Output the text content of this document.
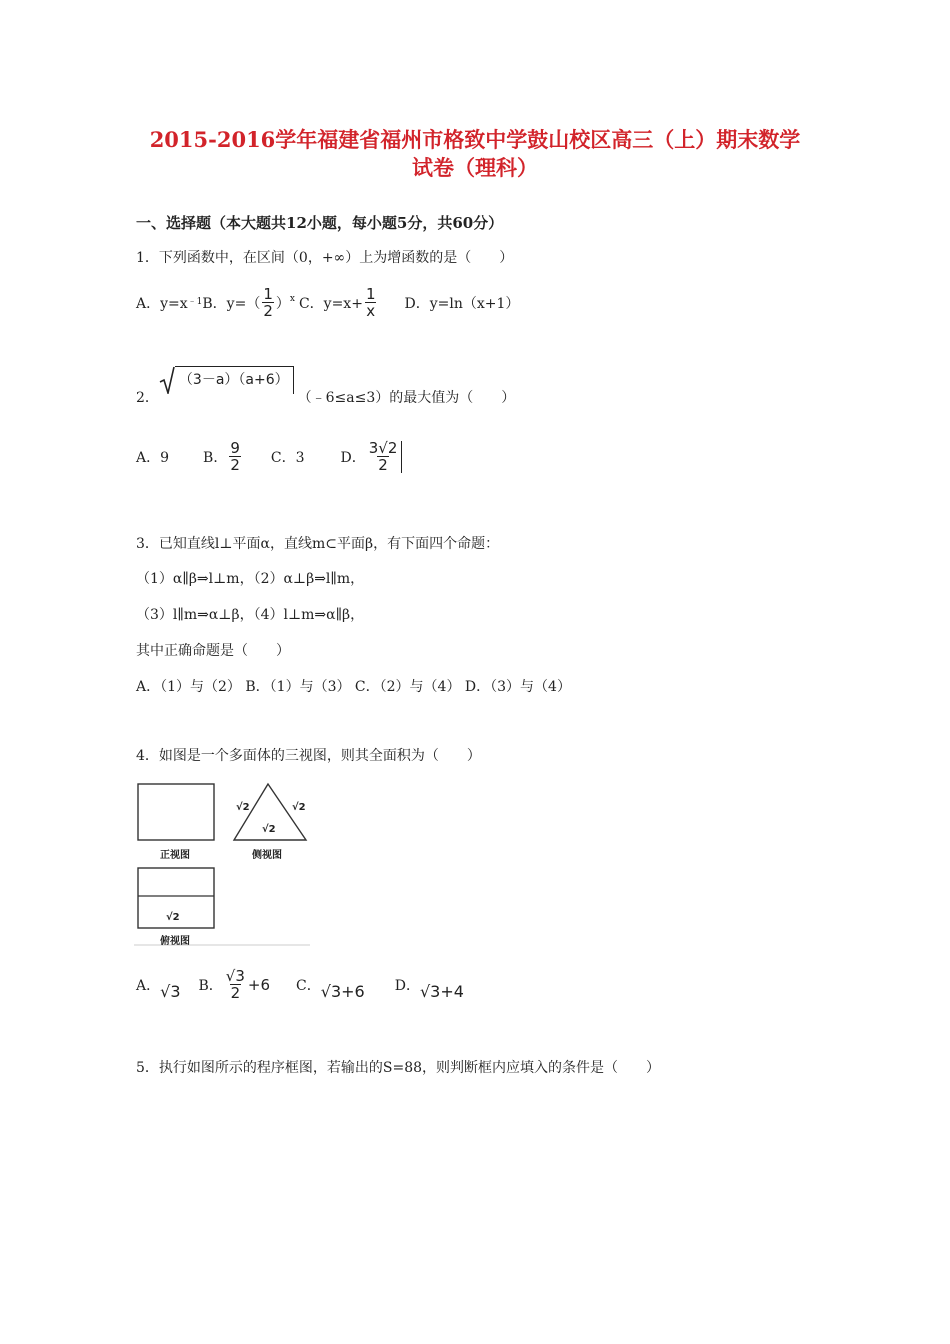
2015-2016学年福建省福州市格致中学鼓山校区高三（上）期末数学
试卷（理科）
一、选择题（本大题共12小题，每小题5分，共60分）
1．下列函数中，在区间（0，+∞）上为增函数的是（　　）
A．y=x ﹣1 B．$y=( \frac{1}{2} )^x$ C．$y=x+ \frac{1}{x}$ D．y=ln（x+1）
2．
（3－a）（a+6）
（﹣6≤a≤3）的最大值为（　　）
A．9 B． $\frac{9}{2}$ C．3	D． $\frac{3√2}{2}$
3．已知直线l⊥平面α，直线m⊂平面β，有下面四个命题：
（1）α∥β⇒l⊥m，（2）α⊥β⇒l∥m，
（3）l∥m⇒α⊥β，（4）l⊥m⇒α∥β，
其中正确命题是（　　）
A．（1）与（2） B．（1）与（3） C．（2）与（4） D．（3）与（4）
4．如图是一个多面体的三视图，则其全面积为（　　）
正视图	侧视图
俯视图
√2	√2
√2
√2
A． √3 B． $\frac{√3}{2} +6$ C． √3+6 D． √3+4
5．执行如图所示的程序框图，若输出的S=88，则判断框内应填入的条件是（　　）
